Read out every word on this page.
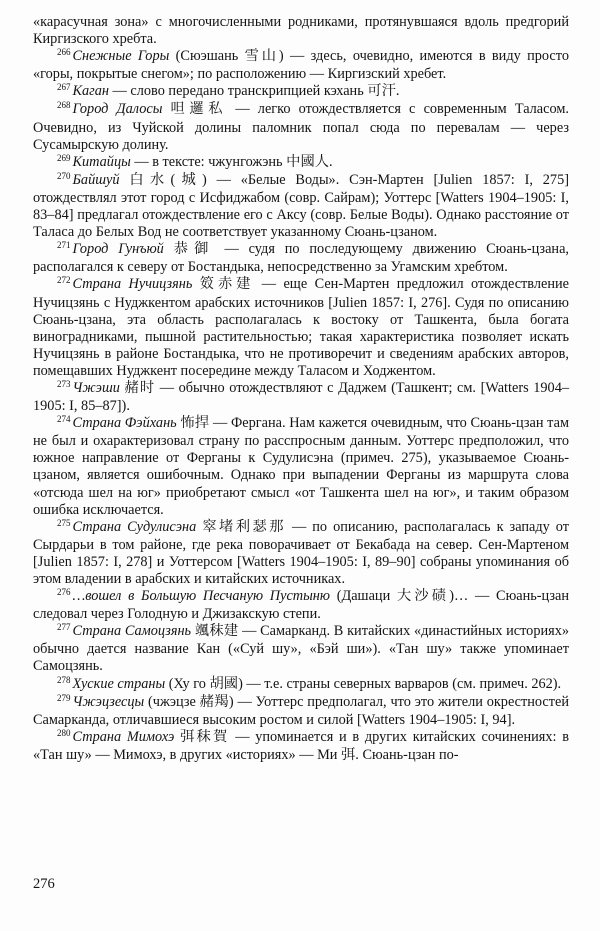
«карасучная зона» с многочисленными родниками, протянувшаяся вдоль предгорий Киргизского хребта.

$^{266}$ Снежные Горы (Сюэшань 雪山) — здесь, очевидно, имеются в виду просто «горы, покрытые снегом»; по расположению — Киргизский хребет.

$^{267}$ Каган — слово передано транскрипцией кэхань 可汗.

$^{268}$ Город Далосы 呾邏私 — легко отождествляется с современным Таласом. Очевидно, из Чуйской долины паломник попал сюда по перевалам — через Сусамырскую долину.

$^{269}$ Китайцы — в тексте: чжунгожэнь 中國人.

$^{270}$ Байшуй 白水(城) — «Белые Воды». Сэн-Мартен [Julien 1857: I, 275] отождествлял этот город с Исфиджабом (совр. Сайрам); Уоттерс [Watters 1904–1905: I, 83–84] предлагал отождествление его с Аксу (совр. Белые Воды). Однако расстояние от Таласа до Белых Вод не соответствует указанному Сюань-цзаном.

$^{271}$ Город Гунъюй 恭御 — судя по последующему движению Сюань-цзана, располагался к северу от Бостандыка, непосредственно за Угамским хребтом.

$^{272}$ Страна Нучицзянь 笯赤建 — еще Сен-Мартен предложил отождествление Нучицзянь с Нуджкентом арабских источников [Julien 1857: I, 276]. Судя по описанию Сюань-цзана, эта область располагалась к востоку от Ташкента, была богата виноградниками, пышной растительностью; такая характеристика позволяет искать Нучицзянь в районе Бостандыка, что не противоречит и сведениям арабских авторов, помещавших Нуджкент посередине между Таласом и Ходжентом.

$^{273}$ Чжэши 赭时 — обычно отождествляют с Даджем (Ташкент; см. [Watters 1904–1905: I, 85–87]).

$^{274}$ Страна Фэйхань 怖捍 — Фергана. Нам кажется очевидным, что Сюань-цзан там не был и охарактеризовал страну по расспросным данным. Уоттерс предположил, что южное направление от Ферганы к Судулисэна (примеч. 275), указываемое Сюань-цзаном, является ошибочным. Однако при выпадении Ферганы из маршрута слова «отсюда шел на юг» приобретают смысл «от Ташкента шел на юг», и таким образом ошибка исключается.

$^{275}$ Страна Судулисэна 窣堵利瑟那 — по описанию, располагалась к западу от Сырдарьи в том районе, где река поворачивает от Бекабада на север. Сен-Мартеном [Julien 1857: I, 278] и Уоттерсом [Watters 1904–1905: I, 89–90] собраны упоминания об этом владении в арабских и китайских источниках.

$^{276}$ …вошел в Большую Песчаную Пустыню (Дашаци 大沙碛)… — Сюань-цзан следовал через Голодную и Джизакскую степи.

$^{277}$ Страна Самоцзянь 颯秣建 — Самарканд. В китайских «династийных историях» обычно дается название Кан («Суй шу», «Бэй ши»). «Тан шу» также упоминает Самоцзянь.

$^{278}$ Хуские страны (Ху го 胡國) — т.е. страны северных варваров (см. примеч. 262).

$^{279}$ Чжэцзесцы (чжэцзе 赭羯) — Уоттерс предполагал, что это жители окрестностей Самарканда, отличавшиеся высоким ростом и силой [Watters 1904–1905: I, 94].

$^{280}$ Страна Мимохэ 弭秣賀 — упоминается и в других китайских сочинениях: в «Тан шу» — Мимохэ, в других «историях» — Ми 弭. Сюань-цзан по-

276
